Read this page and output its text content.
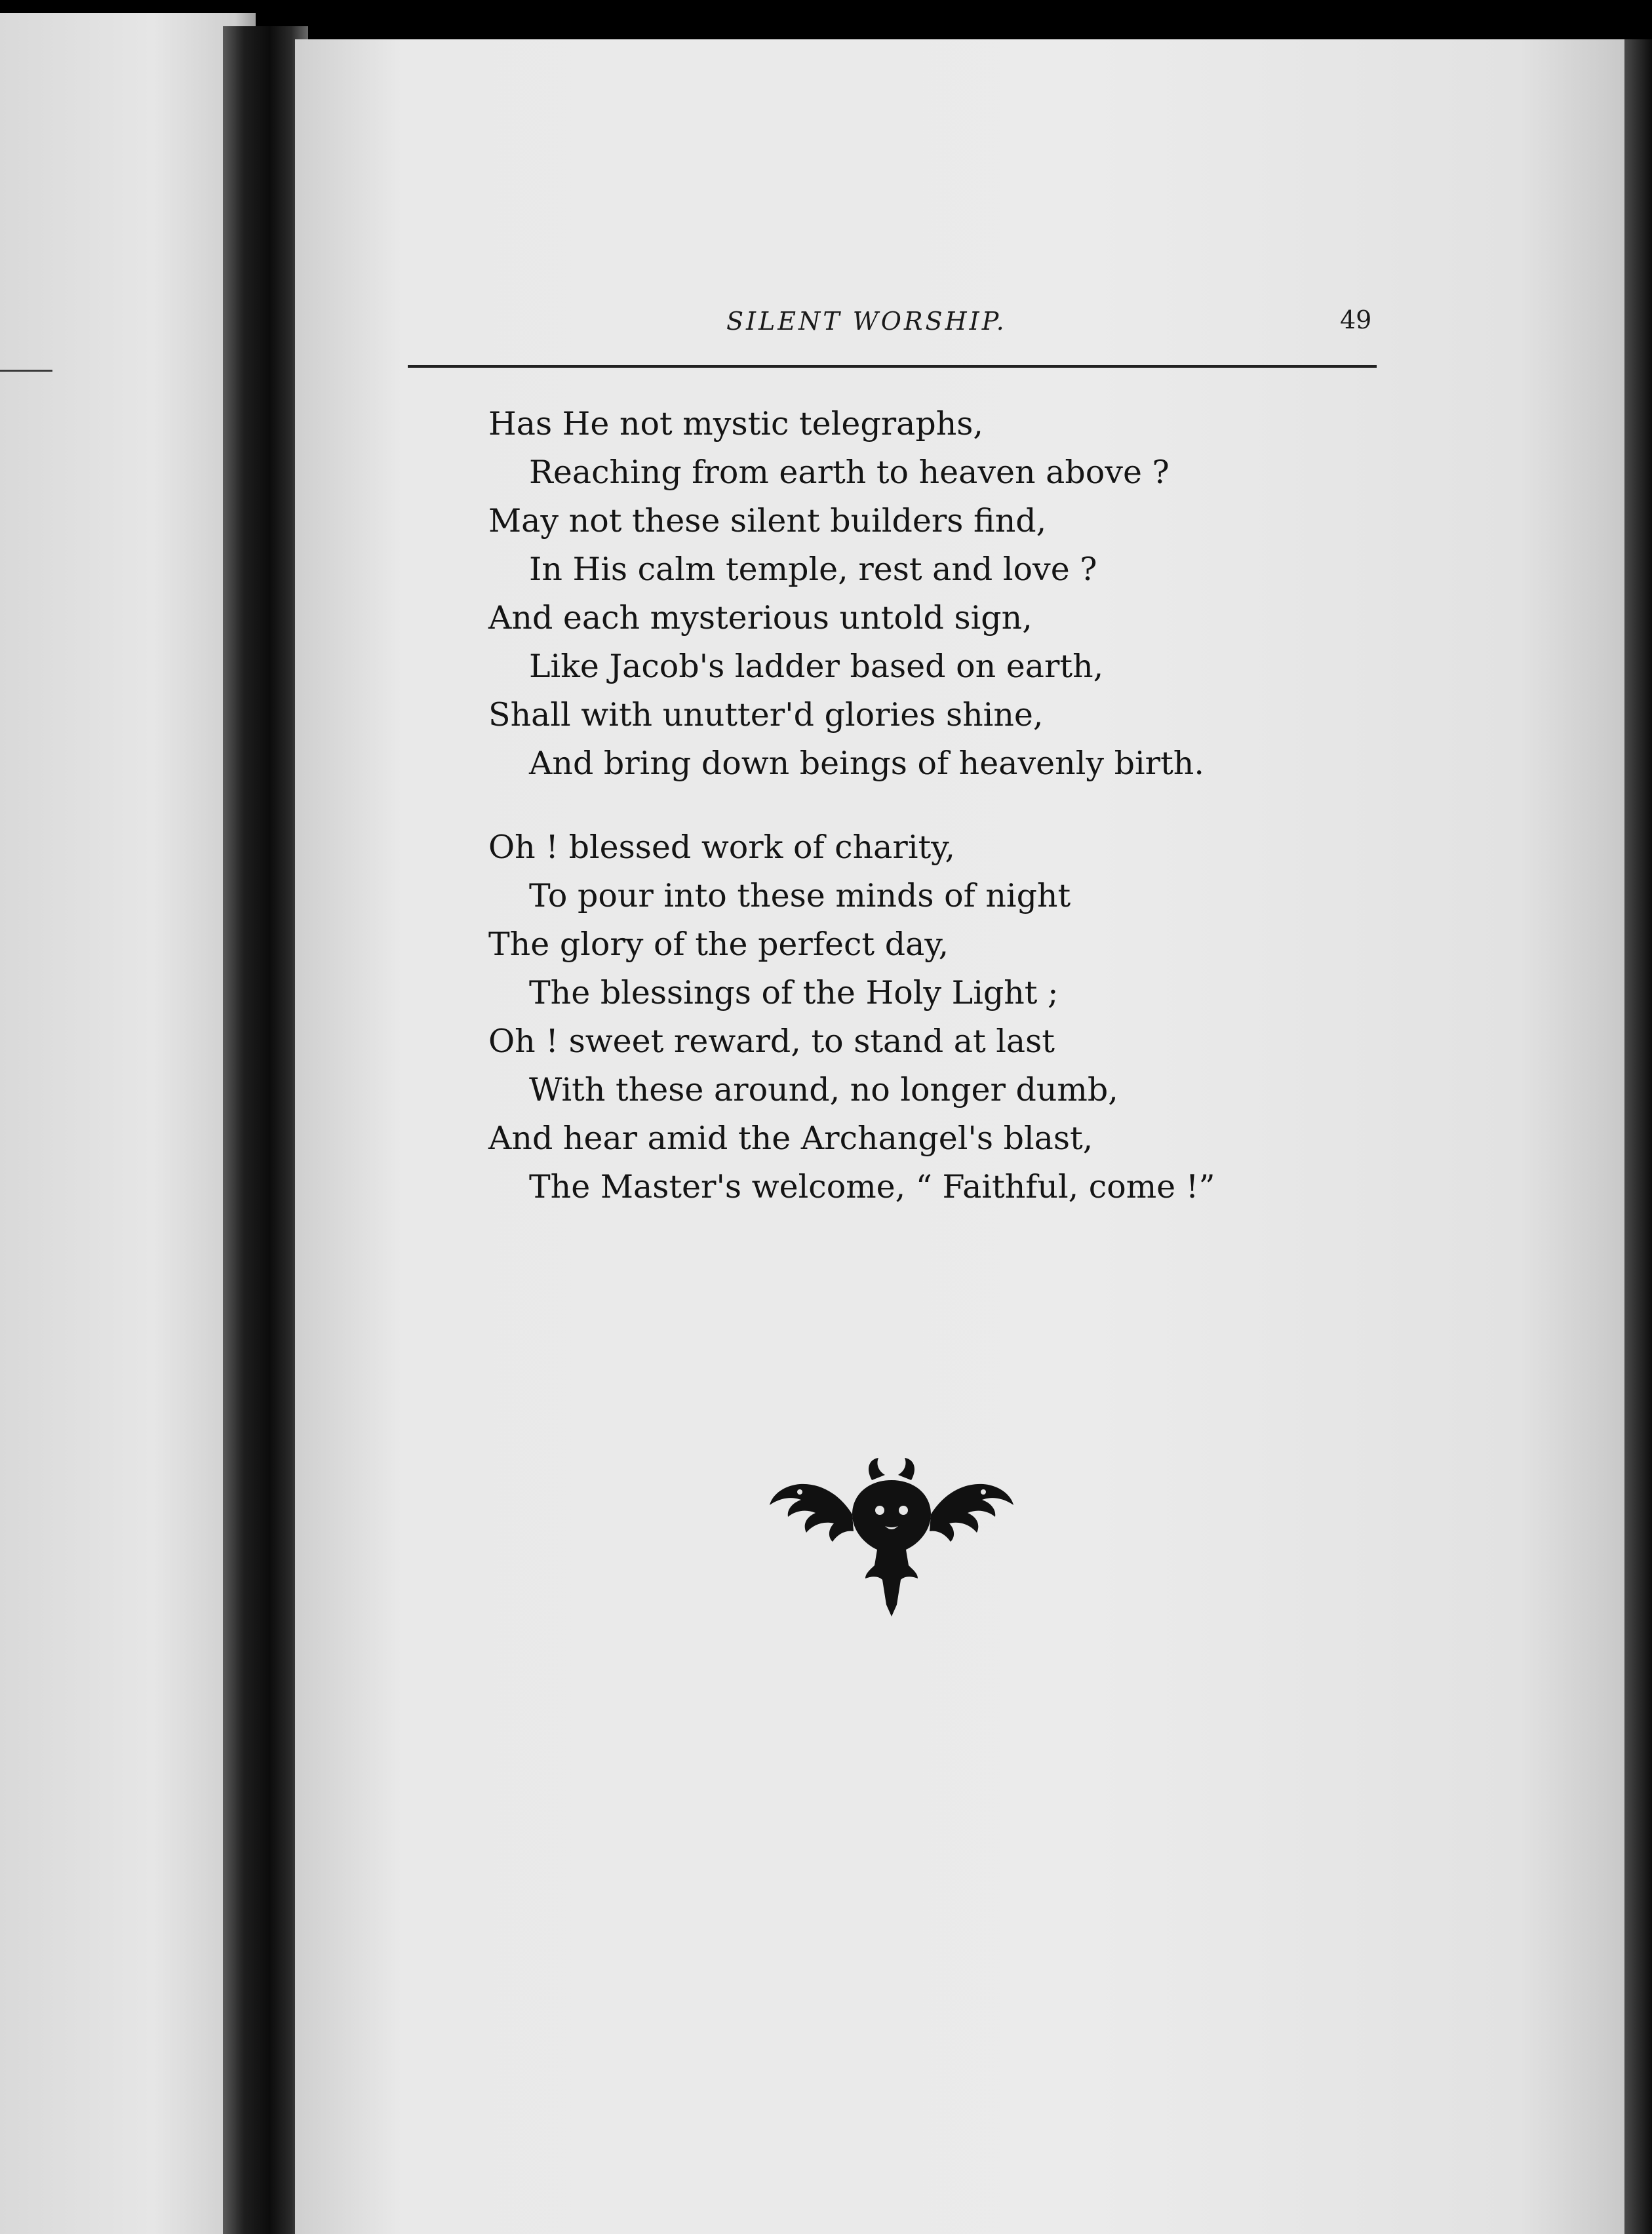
SILENT WORSHIP.	49
Has He not mystic telegraphs,
Reaching from earth to heaven above ?
May not these silent builders find,
In His calm temple, rest and love ?
And each mysterious untold sign,
Like Jacob's ladder based on earth,
Shall with unutter'd glories shine,
And bring down beings of heavenly birth.
Oh ! blessed work of charity,
To pour into these minds of night
The glory of the perfect day,
The blessings of the Holy Light ;
Oh ! sweet reward, to stand at last
With these around, no longer dumb,
And hear amid the Archangel's blast,
The Master's welcome, “ Faithful, come !”
